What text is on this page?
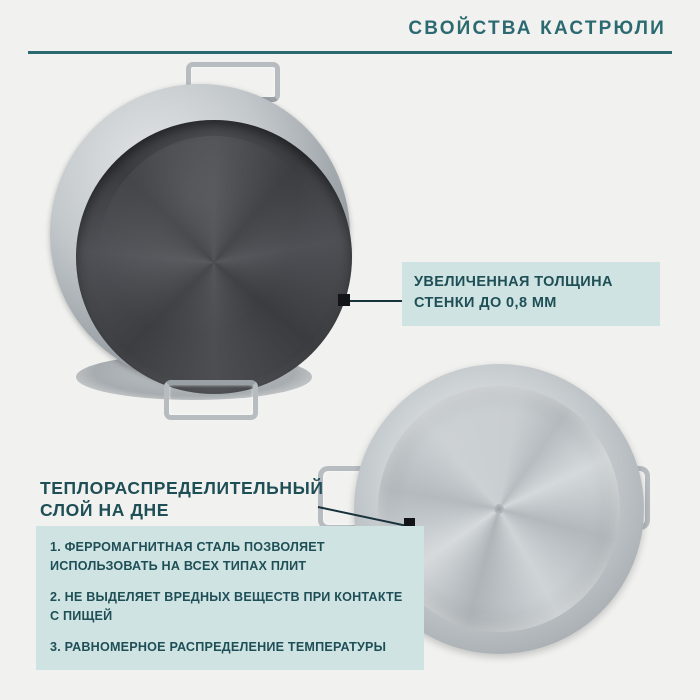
СВОЙСТВА КАСТРЮЛИ
УВЕЛИЧЕННАЯ ТОЛЩИНА
СТЕНКИ ДО 0,8 ММ
ТЕПЛОРАСПРЕДЕЛИТЕЛЬНЫЙ
СЛОЙ НА ДНЕ
1. ФЕРРОМАГНИТНАЯ СТАЛЬ ПОЗВОЛЯЕТ ИСПОЛЬЗОВАТЬ НА ВСЕХ ТИПАХ ПЛИТ
2. НЕ ВЫДЕЛЯЕТ ВРЕДНЫХ ВЕЩЕСТВ ПРИ КОНТАКТЕ С ПИЩЕЙ
3. РАВНОМЕРНОЕ РАСПРЕДЕЛЕНИЕ ТЕМПЕРАТУРЫ
